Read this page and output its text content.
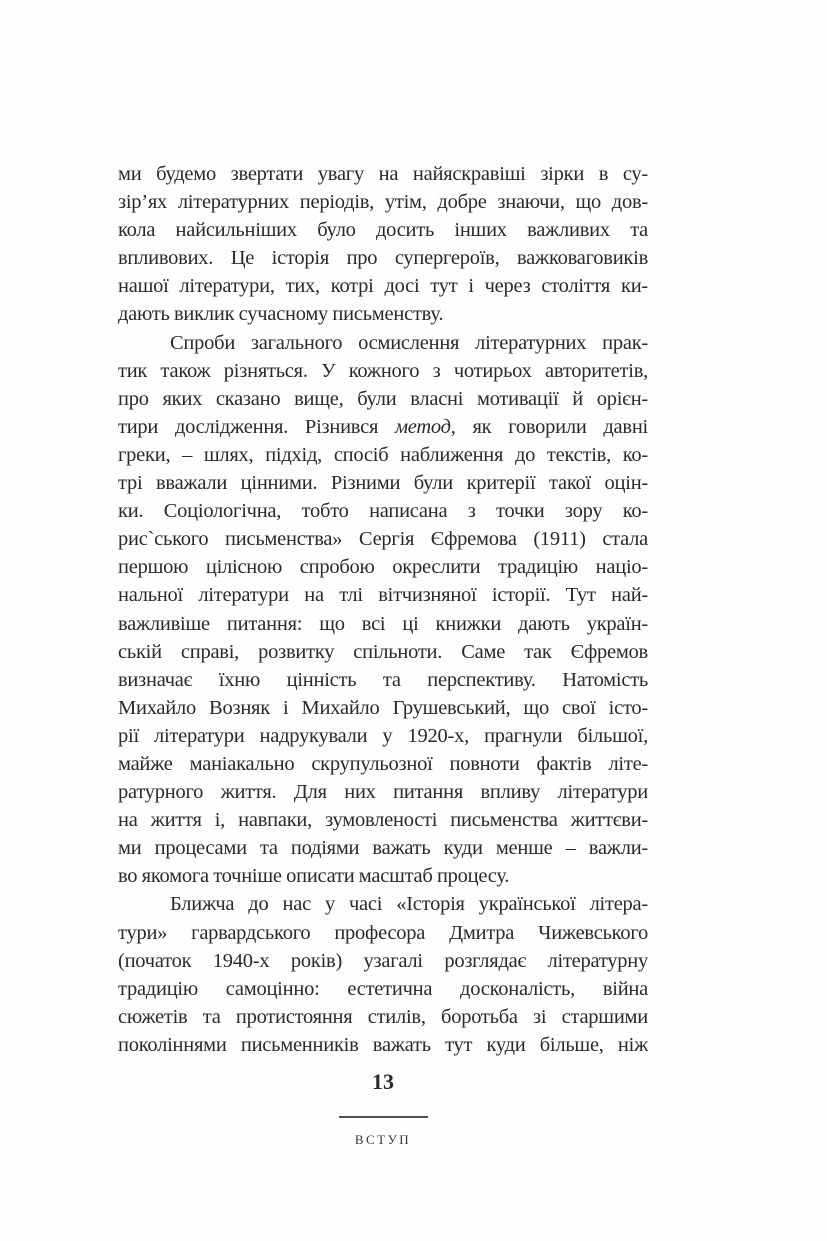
ми будемо звертати увагу на найяскравіші зірки в су-
зір’ях літературних періодів, утім, добре знаючи, що дов-
кола найсильніших було досить інших важливих та
впливових. Це історія про супергероїв, важковаговиків
нашої літератури, тих, котрі досі тут і через століття ки-
дають виклик сучасному письменству.
Спроби загального осмислення літературних прак-
тик також різняться. У кожного з чотирьох авторитетів,
про яких сказано вище, були власні мотивації й орієн-
тири дослідження. Різнився метод, як говорили давні
греки, – шлях, підхід, спосіб наближення до текстів, ко-
трі вважали цінними. Різними були критерії такої оцін-
ки. Соціологічна, тобто написана з точки зору ко-
рис`ського письменства» Сергія Єфремова (1911) стала
першою цілісною спробою окреслити традицію націо-
нальної літератури на тлі вітчизняної історії. Тут най-
важливіше питання: що всі ці книжки дають україн-
ській справі, розвитку спільноти. Саме так Єфремов
визначає їхню цінність та перспективу. Натомість
Михайло Возняк і Михайло Грушевський, що свої істо-
рії літератури надрукували у 1920-х, прагнули більшої,
майже маніакально скрупульозної повноти фактів літе-
ратурного життя. Для них питання впливу літератури
на життя і, навпаки, зумовленості письменства життєви-
ми процесами та подіями важать куди менше – важли-
во якомога точніше описати масштаб процесу.
Ближча до нас у часі «Історія української літера-
тури» гарвардського професора Дмитра Чижевського
(початок 1940-х років) узагалі розглядає літературну
традицію самоцінно: естетична досконалість, війна
сюжетів та протистояння стилів, боротьба зі старшими
поколіннями письменників важать тут куди більше, ніж
13
ВСТУП
